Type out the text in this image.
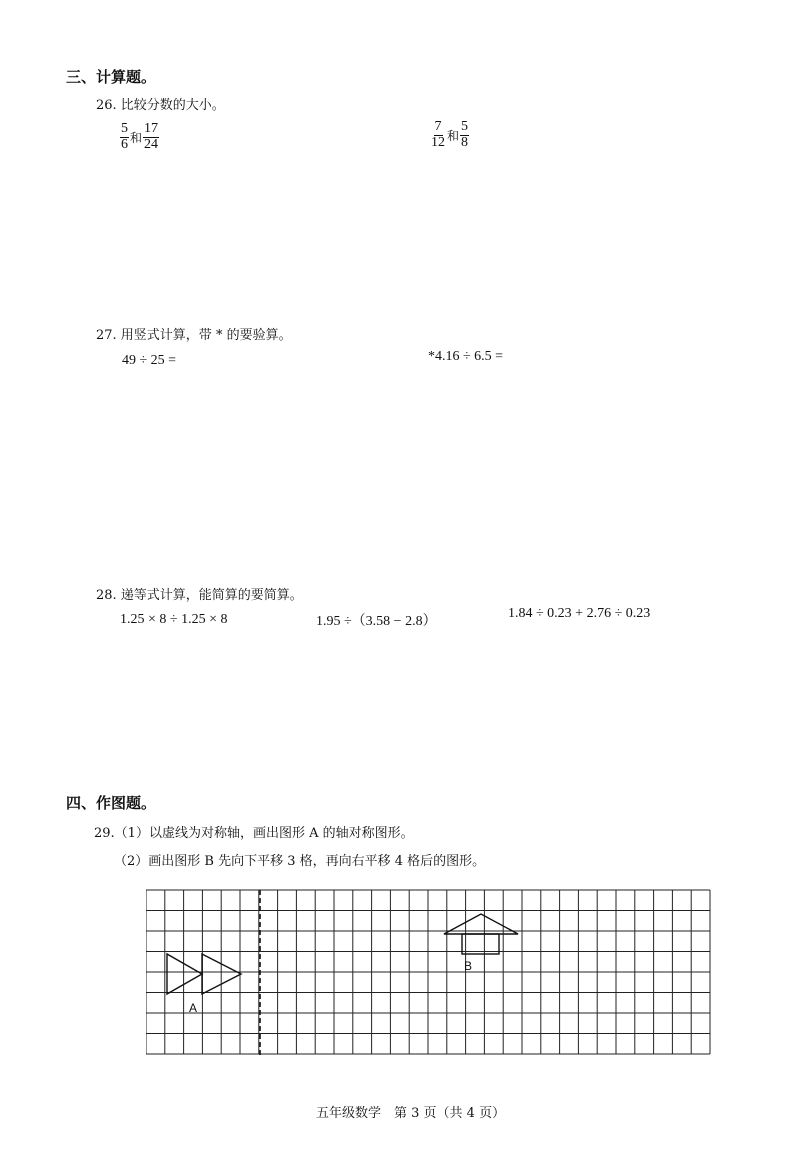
三、计算题。
26. 比较分数的大小。
$\frac{5}{6}$ 和 $\frac{17}{24}$	$\frac{7}{12}$ 和 $\frac{5}{8}$
27. 用竖式计算，带 * 的要验算。
49 ÷ 25 =	*4.16 ÷ 6.5 =
28. 递等式计算，能简算的要简算。
1.25 × 8 ÷ 1.25 × 8	1.95 ÷（3.58 − 2.8）
1.84 ÷ 0.23 + 2.76 ÷ 0.23
四、作图题。
29.（1）以虚线为对称轴，画出图形 A 的轴对称图形。
（2）画出图形 B 先向下平移 3 格，再向右平移 4 格后的图形。
A
B
五年级数学　第 3 页（共 4 页）
